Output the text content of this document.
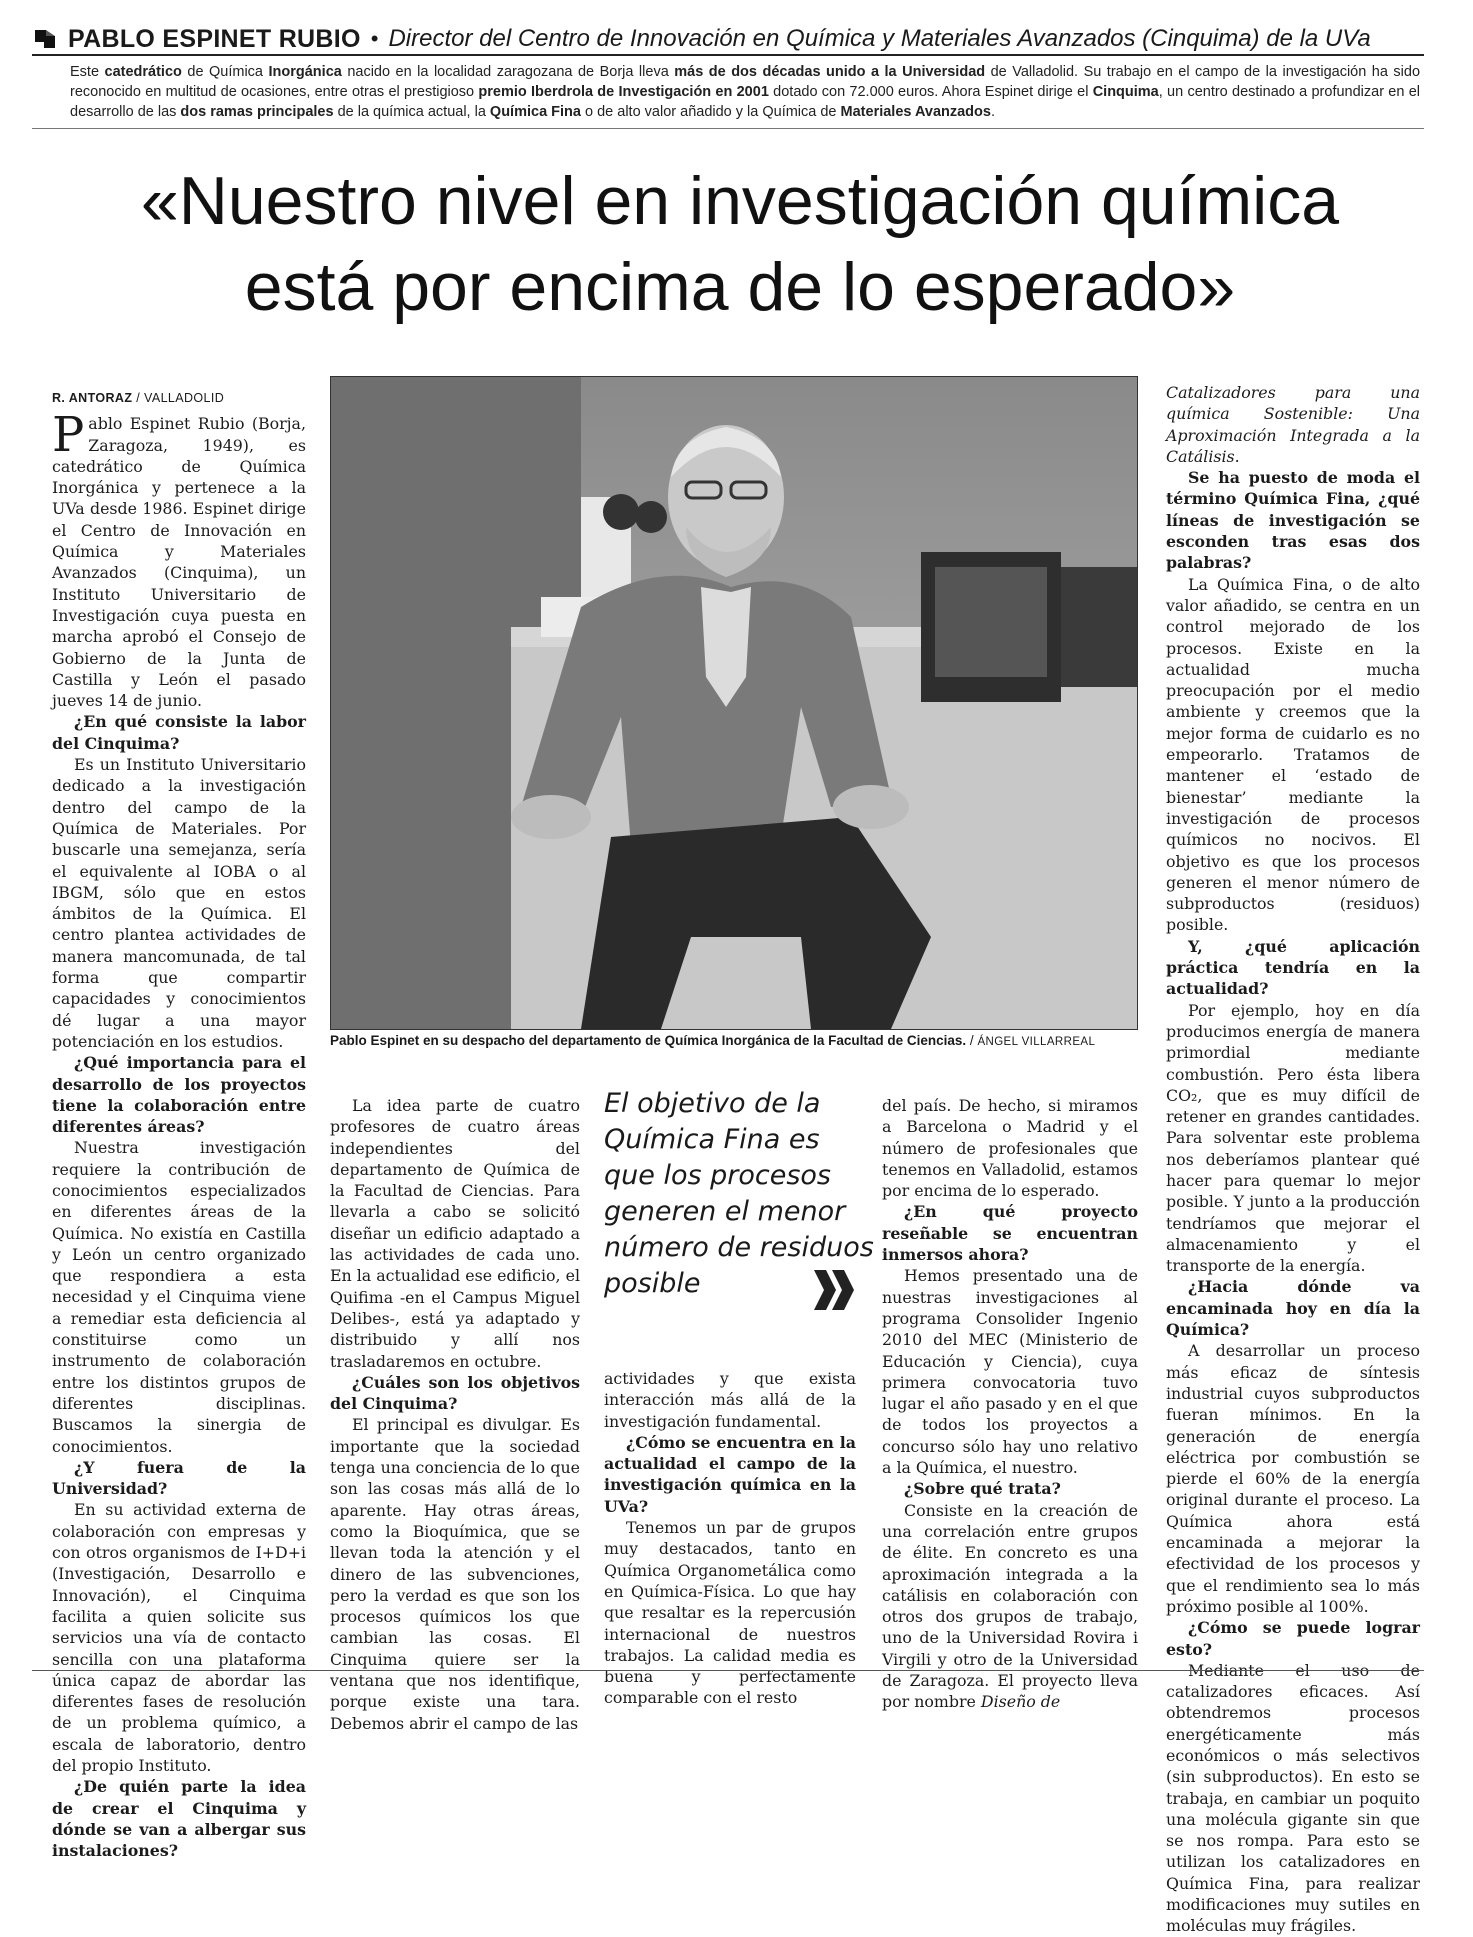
PABLO ESPINET RUBIO • Director del Centro de Innovación en Química y Materiales Avanzados (Cinquima) de la UVa
Este catedrático de Química Inorgánica nacido en la localidad zaragozana de Borja lleva más de dos décadas unido a la Universidad de Valladolid. Su trabajo en el campo de la investigación ha sido reconocido en multitud de ocasiones, entre otras el prestigioso premio Iberdrola de Investigación en 2001 dotado con 72.000 euros. Ahora Espinet dirige el Cinquima, un centro destinado a profundizar en el desarrollo de las dos ramas principales de la química actual, la Química Fina o de alto valor añadido y la Química de Materiales Avanzados.
«Nuestro nivel en investigación química
está por encima de lo esperado»
R. ANTORAZ / VALLADOLID

Pablo Espinet Rubio (Borja, Zaragoza, 1949), es catedrático de Química Inorgánica y pertenece a la UVa desde 1986. Espinet dirige el Centro de Innovación en Química y Materiales Avanzados (Cinquima), un Instituto Universitario de Investigación cuya puesta en marcha aprobó el Consejo de Gobierno de la Junta de Castilla y León el pasado jueves 14 de junio.

¿En qué consiste la labor del Cinquima?

Es un Instituto Universitario dedicado a la investigación dentro del campo de la Química de Materiales. Por buscarle una semejanza, sería el equivalente al IOBA o al IBGM, sólo que en estos ámbitos de la Química. El centro plantea actividades de manera mancomunada, de tal forma que compartir capacidades y conocimientos dé lugar a una mayor potenciación en los estudios.

¿Qué importancia para el desarrollo de los proyectos tiene la colaboración entre diferentes áreas?

Nuestra investigación requiere la contribución de conocimientos especializados en diferentes áreas de la Química. No existía en Castilla y León un centro organizado que respondiera a esta necesidad y el Cinquima viene a remediar esta deficiencia al constituirse como un instrumento de colaboración entre los distintos grupos de diferentes disciplinas. Buscamos la sinergia de conocimientos.

¿Y fuera de la Universidad?

En su actividad externa de colaboración con empresas y con otros organismos de I+D+i (Investigación, Desarrollo e Innovación), el Cinquima facilita a quien solicite sus servicios una vía de contacto sencilla con una plataforma única capaz de abordar las diferentes fases de resolución de un problema químico, a escala de laboratorio, dentro del propio Instituto.

¿De quién parte la idea de crear el Cinquima y dónde se van a albergar sus instalaciones?

Pablo Espinet en su despacho del departamento de Química Inorgánica de la Facultad de Ciencias. / ÁNGEL VILLARREAL

La idea parte de cuatro profesores de cuatro áreas independientes del departamento de Química de la Facultad de Ciencias. Para llevarla a cabo se solicitó diseñar un edificio adaptado a las actividades de cada uno. En la actualidad ese edificio, el Quifima -en el Campus Miguel Delibes-, está ya adaptado y distribuido y allí nos trasladaremos en octubre.

¿Cuáles son los objetivos del Cinquima?

El principal es divulgar. Es importante que la sociedad tenga una conciencia de lo que son las cosas más allá de lo aparente. Hay otras áreas, como la Bioquímica, que se llevan toda la atención y el dinero de las subvenciones, pero la verdad es que son los procesos químicos los que cambian las cosas. El Cinquima quiere ser la ventana que nos identifique, porque existe una tara. Debemos abrir el campo de las

El objetivo de la Química Fina es que los procesos generen el menor número de residuos posible

actividades y que exista interacción más allá de la investigación fundamental.

¿Cómo se encuentra en la actualidad el campo de la investigación química en la UVa?

Tenemos un par de grupos muy destacados, tanto en Química Organometálica como en Química-Física. Lo que hay que resaltar es la repercusión internacional de nuestros trabajos. La calidad media es buena y perfectamente comparable con el resto

del país. De hecho, si miramos a Barcelona o Madrid y el número de profesionales que tenemos en Valladolid, estamos por encima de lo esperado.

¿En qué proyecto reseñable se encuentran inmersos ahora?

Hemos presentado una de nuestras investigaciones al programa Consolider Ingenio 2010 del MEC (Ministerio de Educación y Ciencia), cuya primera convocatoria tuvo lugar el año pasado y en el que de todos los proyectos a concurso sólo hay uno relativo a la Química, el nuestro.

¿Sobre qué trata?

Consiste en la creación de una correlación entre grupos de élite. En concreto es una aproximación integrada a la catálisis en colaboración con otros dos grupos de trabajo, uno de la Universidad Rovira i Virgili y otro de la Universidad de Zaragoza. El proyecto lleva por nombre Diseño de

Catalizadores para una química Sostenible: Una Aproximación Integrada a la Catálisis.

Se ha puesto de moda el término Química Fina, ¿qué líneas de investigación se esconden tras esas dos palabras?

La Química Fina, o de alto valor añadido, se centra en un control mejorado de los procesos. Existe en la actualidad mucha preocupación por el medio ambiente y creemos que la mejor forma de cuidarlo es no empeorarlo. Tratamos de mantener el ‘estado de bienestar’ mediante la investigación de procesos químicos no nocivos. El objetivo es que los procesos generen el menor número de subproductos (residuos) posible.

Y, ¿qué aplicación práctica tendría en la actualidad?

Por ejemplo, hoy en día producimos energía de manera primordial mediante combustión. Pero ésta libera CO₂, que es muy difícil de retener en grandes cantidades. Para solventar este problema nos deberíamos plantear qué hacer para quemar lo mejor posible. Y junto a la producción tendríamos que mejorar el almacenamiento y el transporte de la energía.

¿Hacia dónde va encaminada hoy en día la Química?

A desarrollar un proceso más eficaz de síntesis industrial cuyos subproductos fueran mínimos. En la generación de energía eléctrica por combustión se pierde el 60% de la energía original durante el proceso. La Química ahora está encaminada a mejorar la efectividad de los procesos y que el rendimiento sea lo más próximo posible al 100%.

¿Cómo se puede lograr esto?

Mediante el uso de catalizadores eficaces. Así obtendremos procesos energéticamente más económicos o más selectivos (sin subproductos). En esto se trabaja, en cambiar un poquito una molécula gigante sin que se nos rompa. Para esto se utilizan los catalizadores en Química Fina, para realizar modificaciones muy sutiles en moléculas muy frágiles.
